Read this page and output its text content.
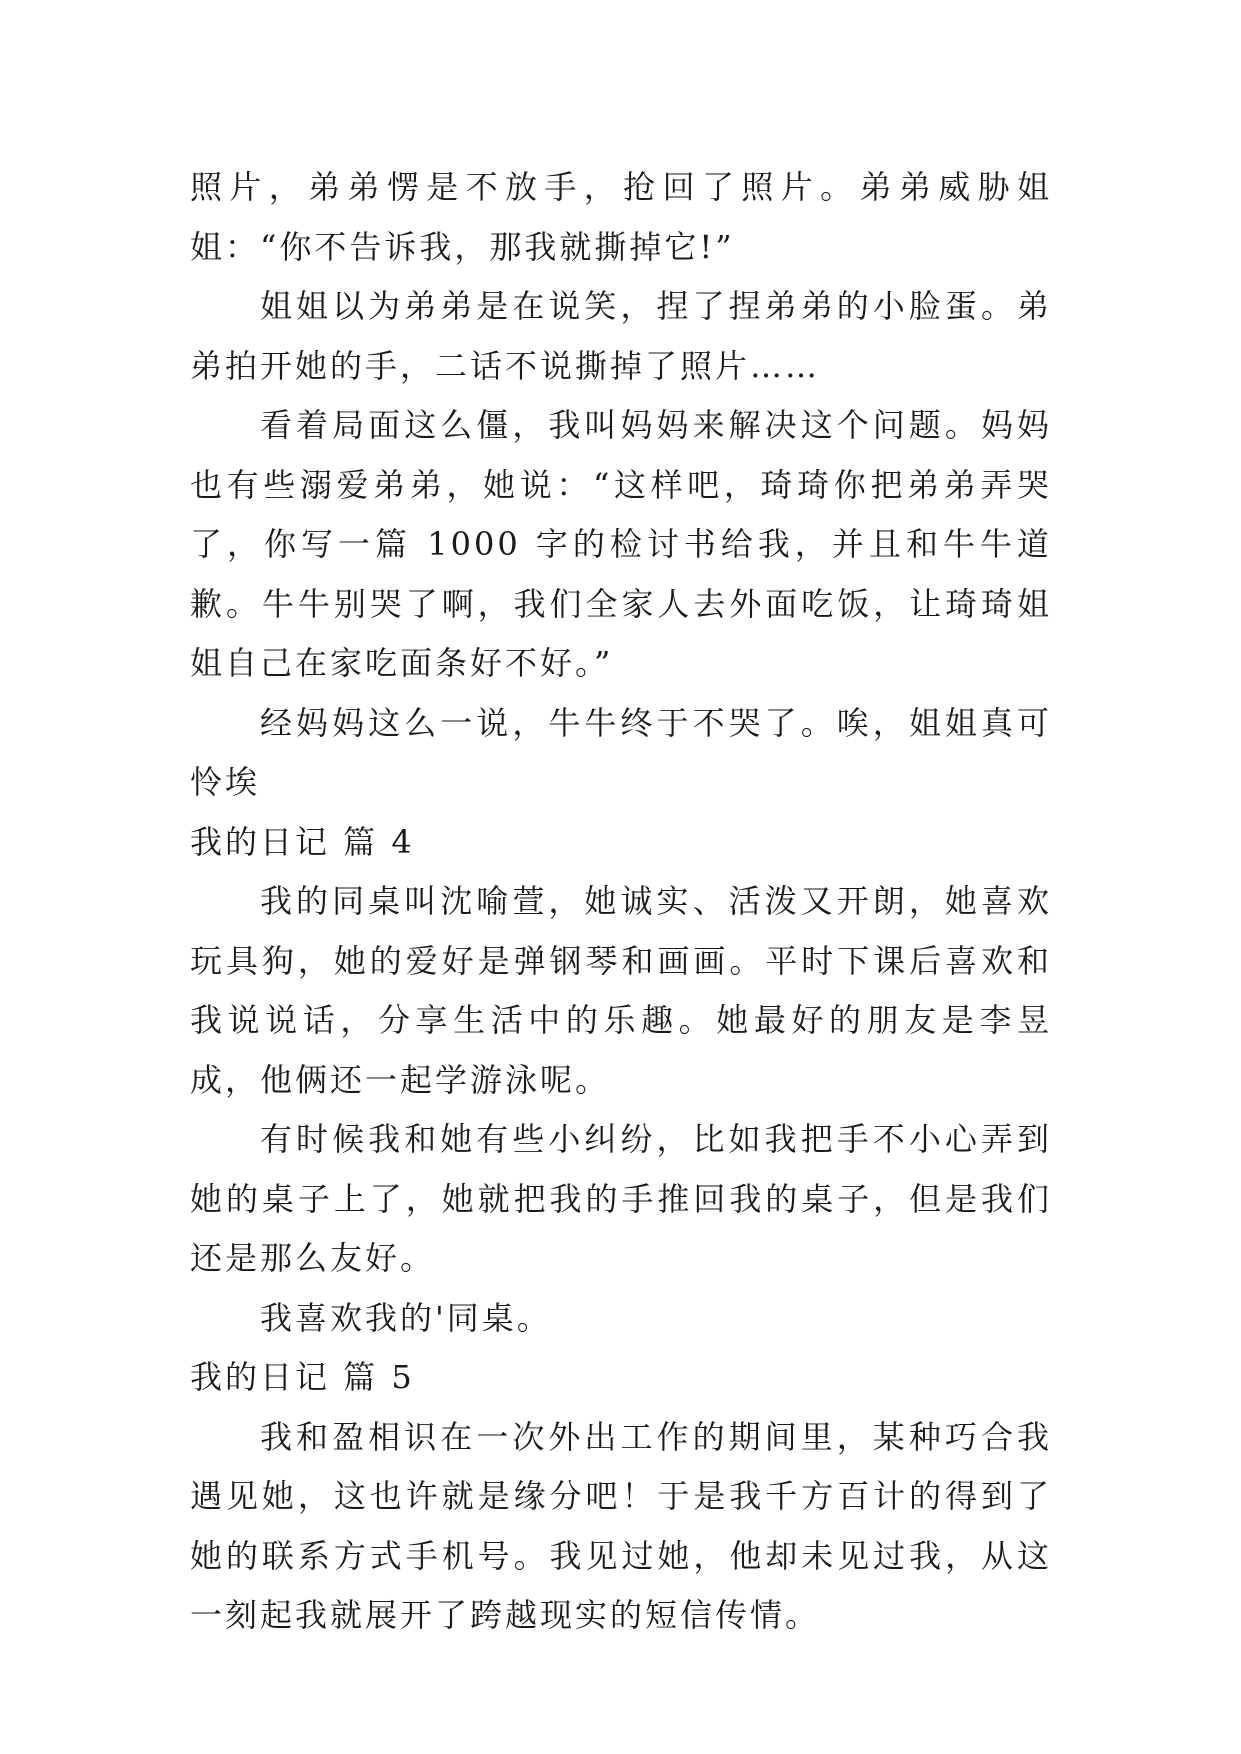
照片，弟弟愣是不放手，抢回了照片。弟弟威胁姐姐：“你不告诉我，那我就撕掉它!”

姐姐以为弟弟是在说笑，捏了捏弟弟的小脸蛋。弟弟拍开她的手，二话不说撕掉了照片……

看着局面这么僵，我叫妈妈来解决这个问题。妈妈也有些溺爱弟弟，她说：“这样吧，琦琦你把弟弟弄哭了，你写一篇 1000 字的检讨书给我，并且和牛牛道歉。牛牛别哭了啊，我们全家人去外面吃饭，让琦琦姐姐自己在家吃面条好不好。”

经妈妈这么一说，牛牛终于不哭了。唉，姐姐真可怜埃

我的日记 篇 4

我的同桌叫沈喻萱，她诚实、活泼又开朗，她喜欢玩具狗，她的爱好是弹钢琴和画画。平时下课后喜欢和我说说话，分享生活中的乐趣。她最好的朋友是李昱成，他俩还一起学游泳呢。

有时候我和她有些小纠纷，比如我把手不小心弄到她的桌子上了，她就把我的手推回我的桌子，但是我们还是那么友好。

我喜欢我的'同桌。

我的日记 篇 5

我和盈相识在一次外出工作的期间里，某种巧合我遇见她，这也许就是缘分吧！于是我千方百计的得到了她的联系方式手机号。我见过她，他却未见过我，从这一刻起我就展开了跨越现实的短信传情。
